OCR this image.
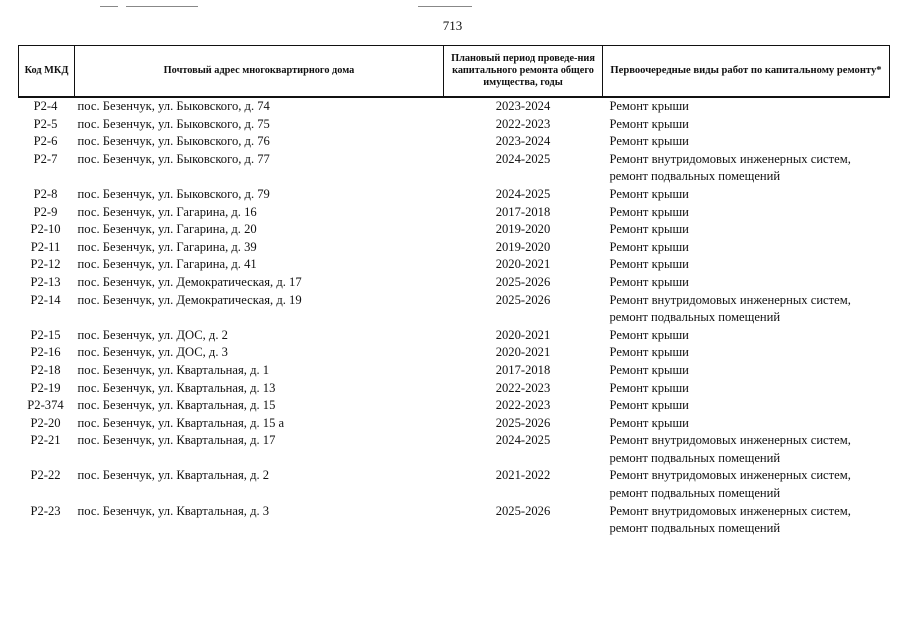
713
Код МКД	Почтовый адрес многоквартирного дома	Плановый период проведе-ния капитального ремонта общего имущества, годы	Первоочередные виды работ по капитальному ремонту*
Р2-4	пос. Безенчук, ул. Быковского, д. 74	2023-2024	Ремонт крыши
Р2-5	пос. Безенчук, ул. Быковского, д. 75	2022-2023	Ремонт крыши
Р2-6	пос. Безенчук, ул. Быковского, д. 76	2023-2024	Ремонт крыши
Р2-7	пос. Безенчук, ул. Быковского, д. 77	2024-2025	Ремонт внутридомовых инженерных систем, ремонт подвальных помещений
Р2-8	пос. Безенчук, ул. Быковского, д. 79	2024-2025	Ремонт крыши
Р2-9	пос. Безенчук, ул. Гагарина, д. 16	2017-2018	Ремонт крыши
Р2-10	пос. Безенчук, ул. Гагарина, д. 20	2019-2020	Ремонт крыши
Р2-11	пос. Безенчук, ул. Гагарина, д. 39	2019-2020	Ремонт крыши
Р2-12	пос. Безенчук, ул. Гагарина, д. 41	2020-2021	Ремонт крыши
Р2-13	пос. Безенчук, ул. Демократическая, д. 17	2025-2026	Ремонт крыши
Р2-14	пос. Безенчук, ул. Демократическая, д. 19	2025-2026	Ремонт внутридомовых инженерных систем, ремонт подвальных помещений
Р2-15	пос. Безенчук, ул. ДОС, д. 2	2020-2021	Ремонт крыши
Р2-16	пос. Безенчук, ул. ДОС, д. 3	2020-2021	Ремонт крыши
Р2-18	пос. Безенчук, ул. Квартальная, д. 1	2017-2018	Ремонт крыши
Р2-19	пос. Безенчук, ул. Квартальная, д. 13	2022-2023	Ремонт крыши
Р2-374	пос. Безенчук, ул. Квартальная, д. 15	2022-2023	Ремонт крыши
Р2-20	пос. Безенчук, ул. Квартальная, д. 15 а	2025-2026	Ремонт крыши
Р2-21	пос. Безенчук, ул. Квартальная, д. 17	2024-2025	Ремонт внутридомовых инженерных систем, ремонт подвальных помещений
Р2-22	пос. Безенчук, ул. Квартальная, д. 2	2021-2022	Ремонт внутридомовых инженерных систем, ремонт подвальных помещений
Р2-23	пос. Безенчук, ул. Квартальная, д. 3	2025-2026	Ремонт внутридомовых инженерных систем, ремонт подвальных помещений
